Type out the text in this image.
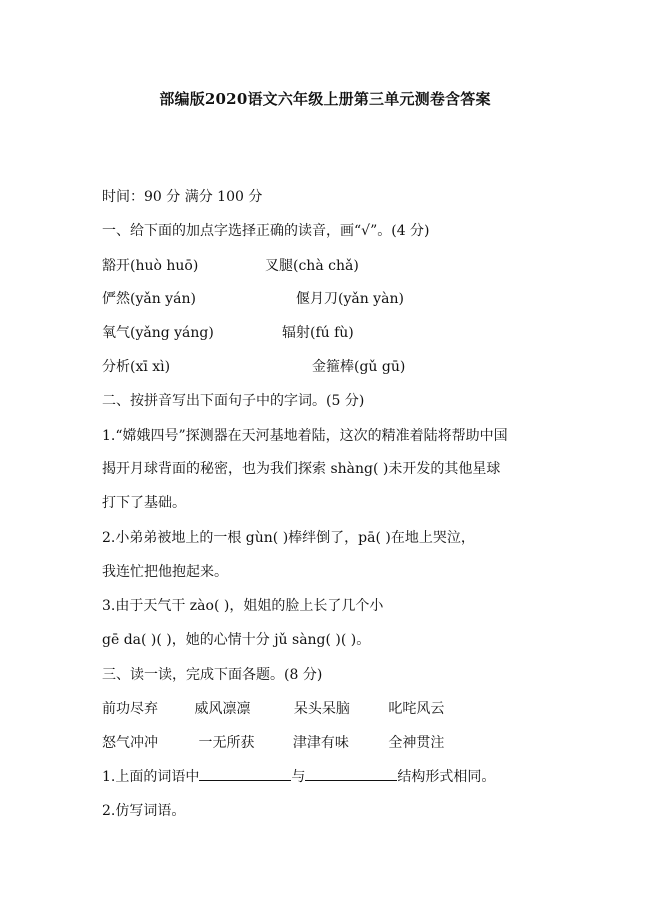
部编版2020语文六年级上册第三单元测卷含答案
时间：90 分 满分 100 分
一、给下面的加点字选择正确的读音，画“√”。(4 分)
豁开(huò huō)	叉腿(chà chǎ)
俨然(yǎn yán)	偃月刀(yǎn yàn)
氧气(yǎng yáng)	辐射(fú fù)
分析(xī xì)	金箍棒(gǔ gū)
二、按拼音写出下面句子中的字词。(5 分)
1.“嫦娥四号”探测器在天河基地着陆，这次的精准着陆将帮助中国
揭开月球背面的秘密，也为我们探索 shàng( )未开发的其他星球
打下了基础。
2.小弟弟被地上的一根 gùn( )棒绊倒了，pā( )在地上哭泣，
我连忙把他抱起来。
3.由于天气干 zào( )，姐姐的脸上长了几个小
gē da( )( )，她的心情十分 jǔ sàng( )( )。
三、读一读，完成下面各题。(8 分)
前功尽弃	威风凛凛	呆头呆脑	叱咤风云
怒气冲冲	一无所获	津津有味	全神贯注
1.上面的词语中	与	结构形式相同。
2.仿写词语。
